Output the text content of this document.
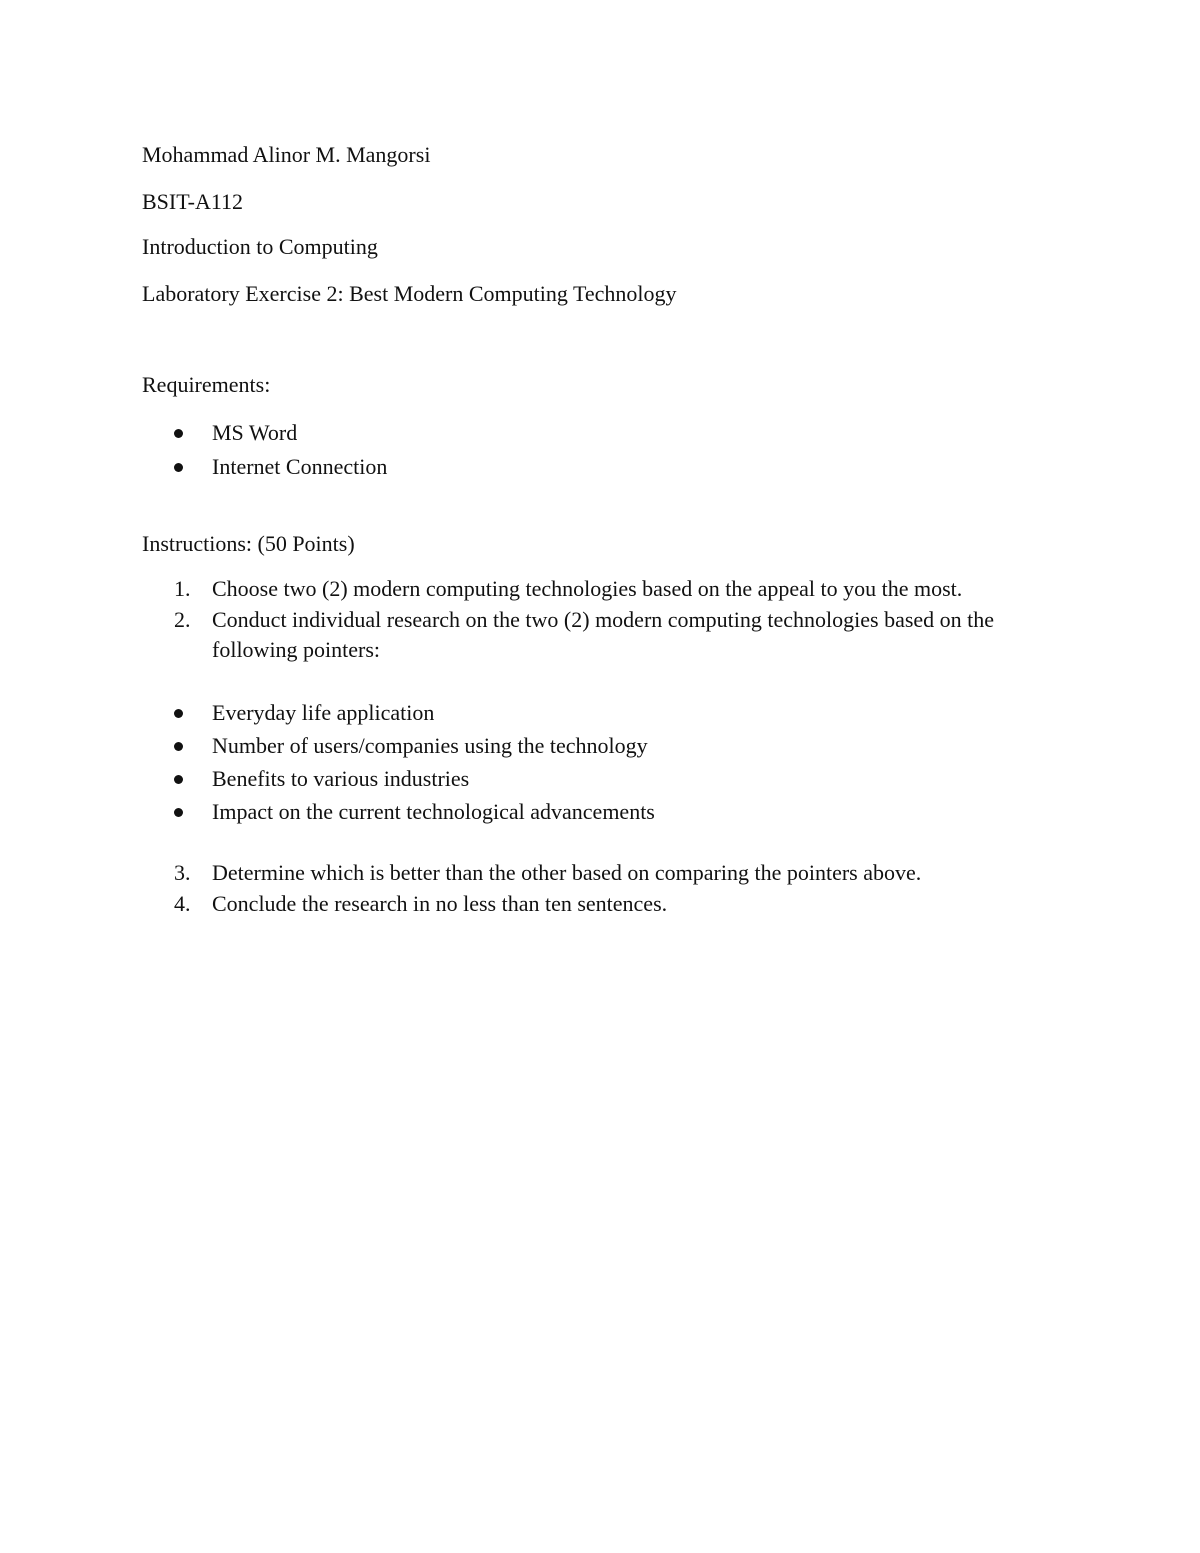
Mohammad Alinor M. Mangorsi
BSIT-A112
Introduction to Computing
Laboratory Exercise 2: Best Modern Computing Technology
Requirements:
MS Word
Internet Connection
Instructions: (50 Points)
1. Choose two (2) modern computing technologies based on the appeal to you the most.
2. Conduct individual research on the two (2) modern computing technologies based on the
following pointers:
Everyday life application
Number of users/companies using the technology
Benefits to various industries
Impact on the current technological advancements
3. Determine which is better than the other based on comparing the pointers above.
4. Conclude the research in no less than ten sentences.
